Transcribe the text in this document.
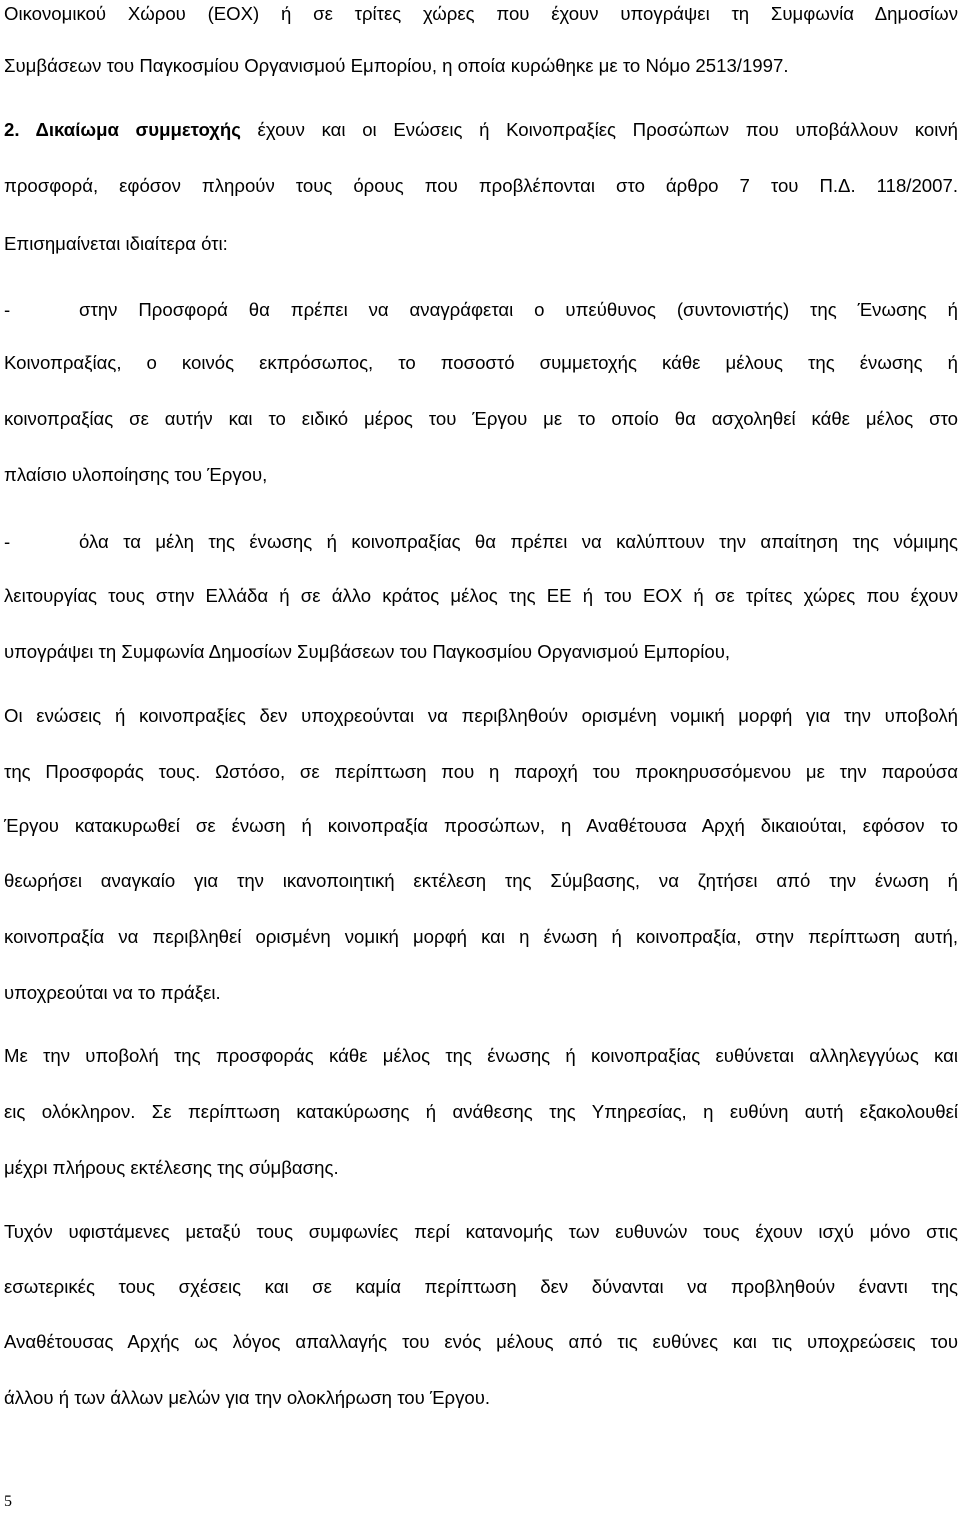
Οικονομικού Χώρου (ΕΟΧ) ή σε τρίτες χώρες που έχουν υπογράψει τη Συμφωνία Δημοσίων
Συμβάσεων του Παγκοσμίου Οργανισμού Εμπορίου, η οποία κυρώθηκε με το Νόμο 2513/1997.
2. Δικαίωμα συμμετοχής έχουν και οι Ενώσεις ή Κοινοπραξίες Προσώπων που υποβάλλουν κοινή
προσφορά, εφόσον πληρούν τους όρους που προβλέπονται στο άρθρο 7 του Π.Δ. 118/2007.
Επισημαίνεται ιδιαίτερα ότι:
-	στην Προσφορά θα πρέπει να αναγράφεται ο υπεύθυνος (συντονιστής) της Ένωσης ή
Κοινοπραξίας, ο κοινός εκπρόσωπος, το ποσοστό συμμετοχής κάθε μέλους της ένωσης ή
κοινοπραξίας σε αυτήν και το ειδικό μέρος του Έργου με το οποίο θα ασχοληθεί κάθε μέλος στο
πλαίσιο υλοποίησης του Έργου,
-	όλα τα μέλη της ένωσης ή κοινοπραξίας θα πρέπει να καλύπτουν την απαίτηση της νόμιμης
λειτουργίας τους στην Ελλάδα ή σε άλλο κράτος μέλος της ΕΕ ή του ΕΟΧ ή σε τρίτες χώρες που έχουν
υπογράψει τη Συμφωνία Δημοσίων Συμβάσεων του Παγκοσμίου Οργανισμού Εμπορίου,
Οι ενώσεις ή κοινοπραξίες δεν υποχρεούνται να περιβληθούν ορισμένη νομική μορφή για την υποβολή
της Προσφοράς τους. Ωστόσο, σε περίπτωση που η παροχή του προκηρυσσόμενου με την παρούσα
Έργου κατακυρωθεί σε ένωση ή κοινοπραξία προσώπων, η Αναθέτουσα Αρχή δικαιούται, εφόσον το
θεωρήσει αναγκαίο για την ικανοποιητική εκτέλεση της Σύμβασης, να ζητήσει από την ένωση ή
κοινοπραξία να περιβληθεί ορισμένη νομική μορφή και η ένωση ή κοινοπραξία, στην περίπτωση αυτή,
υποχρεούται να το πράξει.
Με την υποβολή της προσφοράς κάθε μέλος της ένωσης ή κοινοπραξίας ευθύνεται αλληλεγγύως και
εις ολόκληρον. Σε περίπτωση κατακύρωσης ή ανάθεσης της Υπηρεσίας, η ευθύνη αυτή εξακολουθεί
μέχρι πλήρους εκτέλεσης της σύμβασης.
Τυχόν υφιστάμενες μεταξύ τους συμφωνίες περί κατανομής των ευθυνών τους έχουν ισχύ μόνο στις
εσωτερικές τους σχέσεις και σε καμία περίπτωση δεν δύνανται να προβληθούν έναντι της
Αναθέτουσας Αρχής ως λόγος απαλλαγής του ενός μέλους από τις ευθύνες και τις υποχρεώσεις του
άλλου ή των άλλων μελών για την ολοκλήρωση του Έργου.
5
